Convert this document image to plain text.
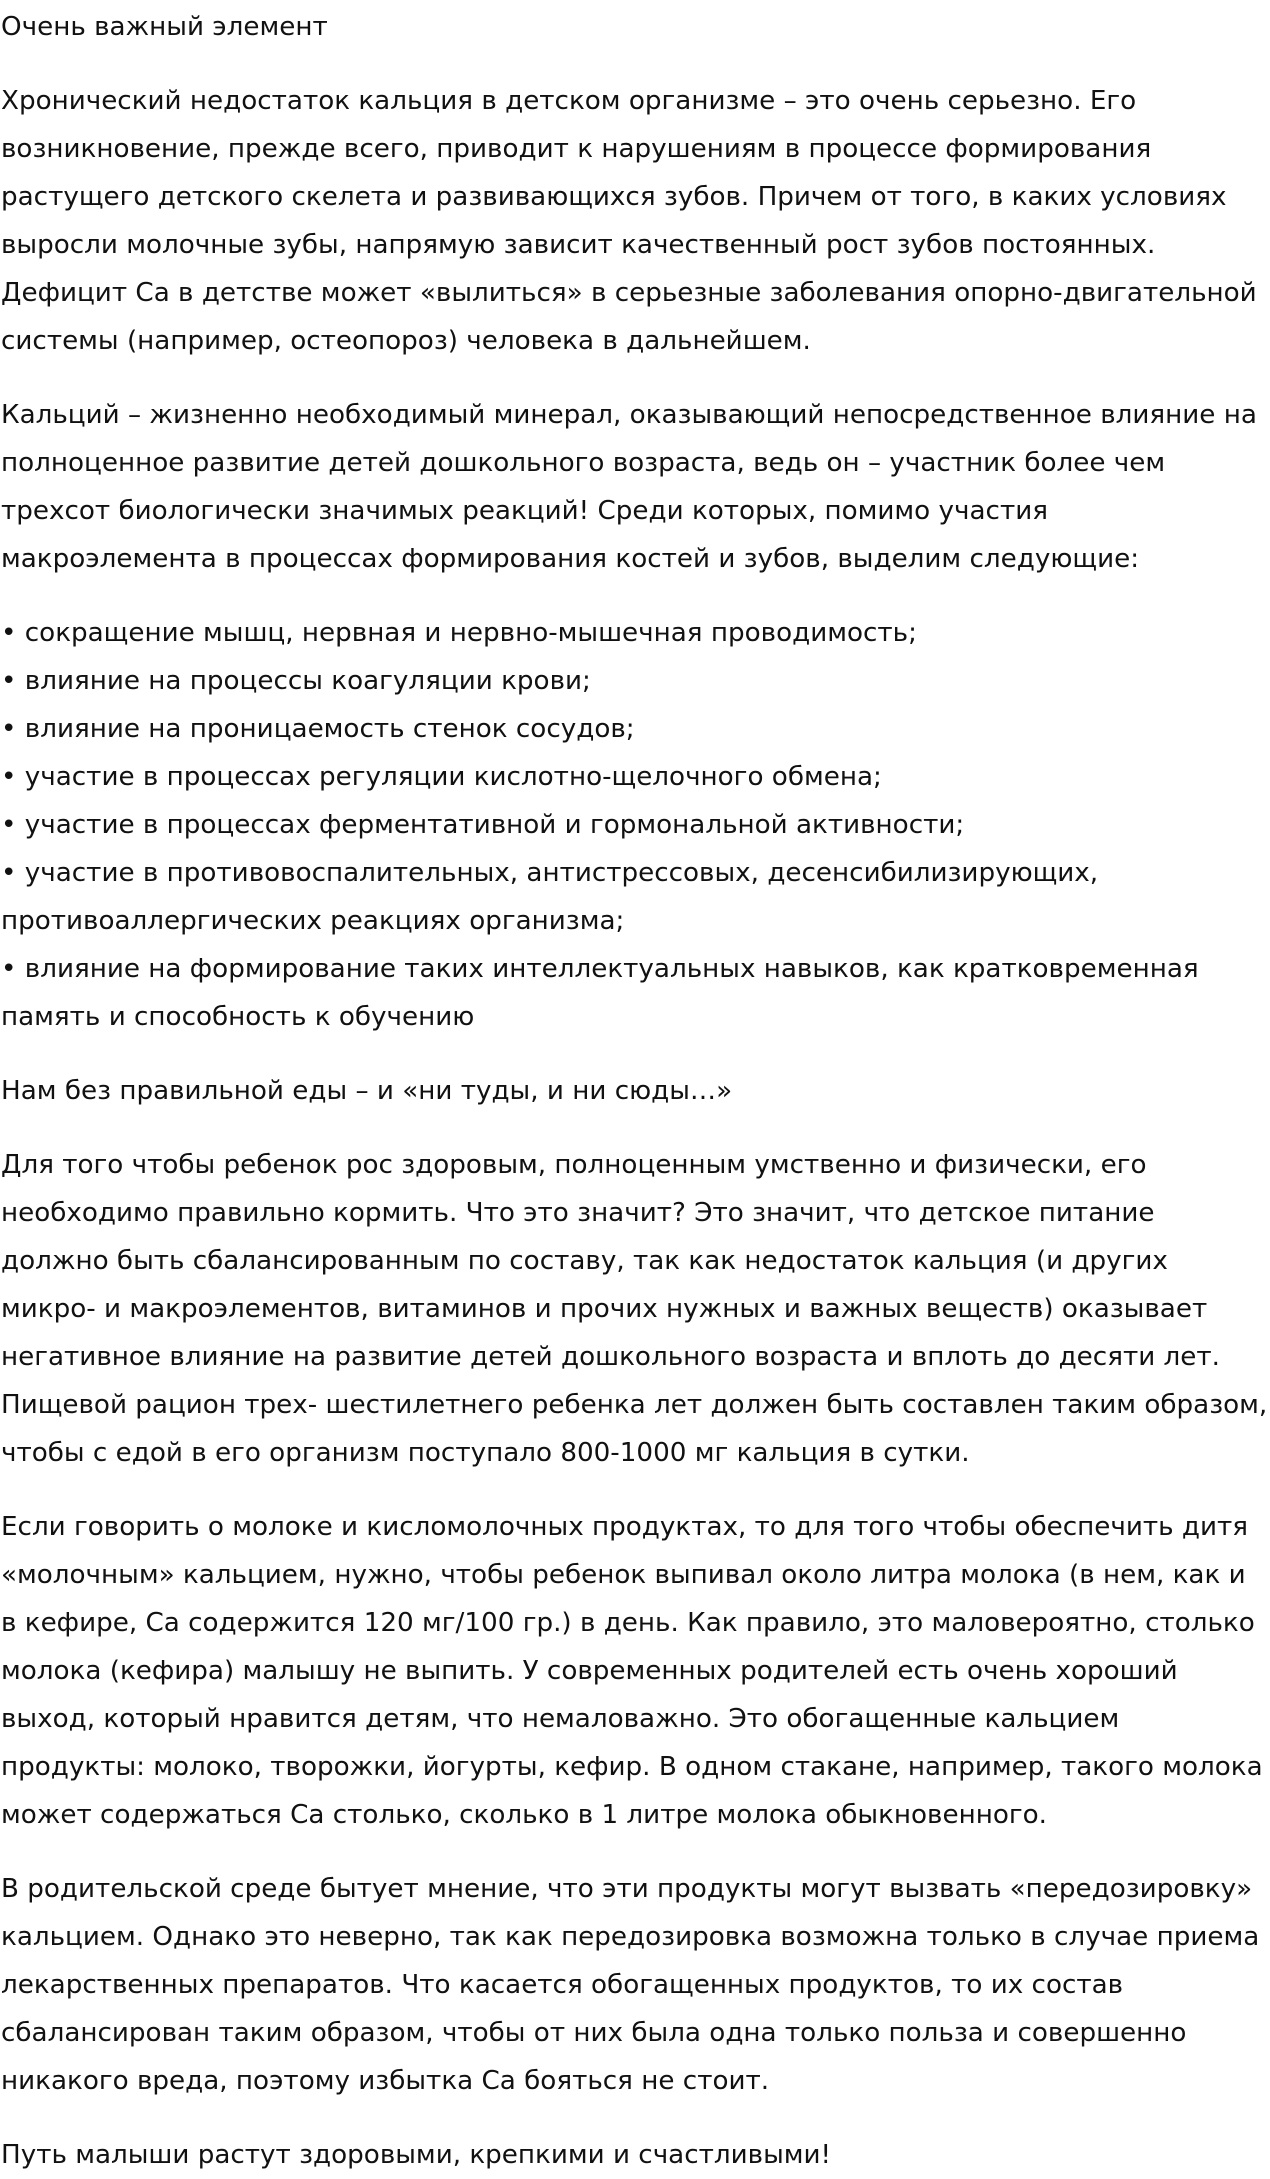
Очень важный элемент

Хронический недостаток кальция в детском организме – это очень серьезно. Его возникновение, прежде всего, приводит к нарушениям в процессе формирования растущего детского скелета и развивающихся зубов. Причем от того, в каких условиях выросли молочные зубы, напрямую зависит качественный рост зубов постоянных. Дефицит Са в детстве может «вылиться» в серьезные заболевания опорно-двигательной системы (например, остеопороз) человека в дальнейшем.

Кальций – жизненно необходимый минерал, оказывающий непосредственное влияние на полноценное развитие детей дошкольного возраста, ведь он – участник более чем трехсот биологически значимых реакций! Среди которых, помимо участия макроэлемента в процессах формирования костей и зубов, выделим следующие:

• сокращение мышц, нервная и нервно-мышечная проводимость;
• влияние на процессы коагуляции крови;
• влияние на проницаемость стенок сосудов;
• участие в процессах регуляции кислотно-щелочного обмена;
• участие в процессах ферментативной и гормональной активности;
• участие в противовоспалительных, антистрессовых, десенсибилизирующих, противоаллергических реакциях организма;
• влияние на формирование таких интеллектуальных навыков, как кратковременная память и способность к обучению

Нам без правильной еды – и «ни туды, и ни сюды…»

Для того чтобы ребенок рос здоровым, полноценным умственно и физически, его необходимо правильно кормить. Что это значит? Это значит, что детское питание должно быть сбалансированным по составу, так как недостаток кальция (и других микро- и макроэлементов, витаминов и прочих нужных и важных веществ) оказывает негативное влияние на развитие детей дошкольного возраста и вплоть до десяти лет. Пищевой рацион трех- шестилетнего ребенка лет должен быть составлен таким образом, чтобы с едой в его организм поступало 800-1000 мг кальция в сутки.

Если говорить о молоке и кисломолочных продуктах, то для того чтобы обеспечить дитя «молочным» кальцием, нужно, чтобы ребенок выпивал около литра молока (в нем, как и в кефире, Са содержится 120 мг/100 гр.) в день. Как правило, это маловероятно, столько молока (кефира) малышу не выпить. У современных родителей есть очень хороший выход, который нравится детям, что немаловажно. Это обогащенные кальцием продукты: молоко, творожки, йогурты, кефир. В одном стакане, например, такого молока может содержаться Са столько, сколько в 1 литре молока обыкновенного.

В родительской среде бытует мнение, что эти продукты могут вызвать «передозировку» кальцием. Однако это неверно, так как передозировка возможна только в случае приема лекарственных препаратов. Что касается обогащенных продуктов, то их состав сбалансирован таким образом, чтобы от них была одна только польза и совершенно никакого вреда, поэтому избытка Са бояться не стоит.

Путь малыши растут здоровыми, крепкими и счастливыми!
